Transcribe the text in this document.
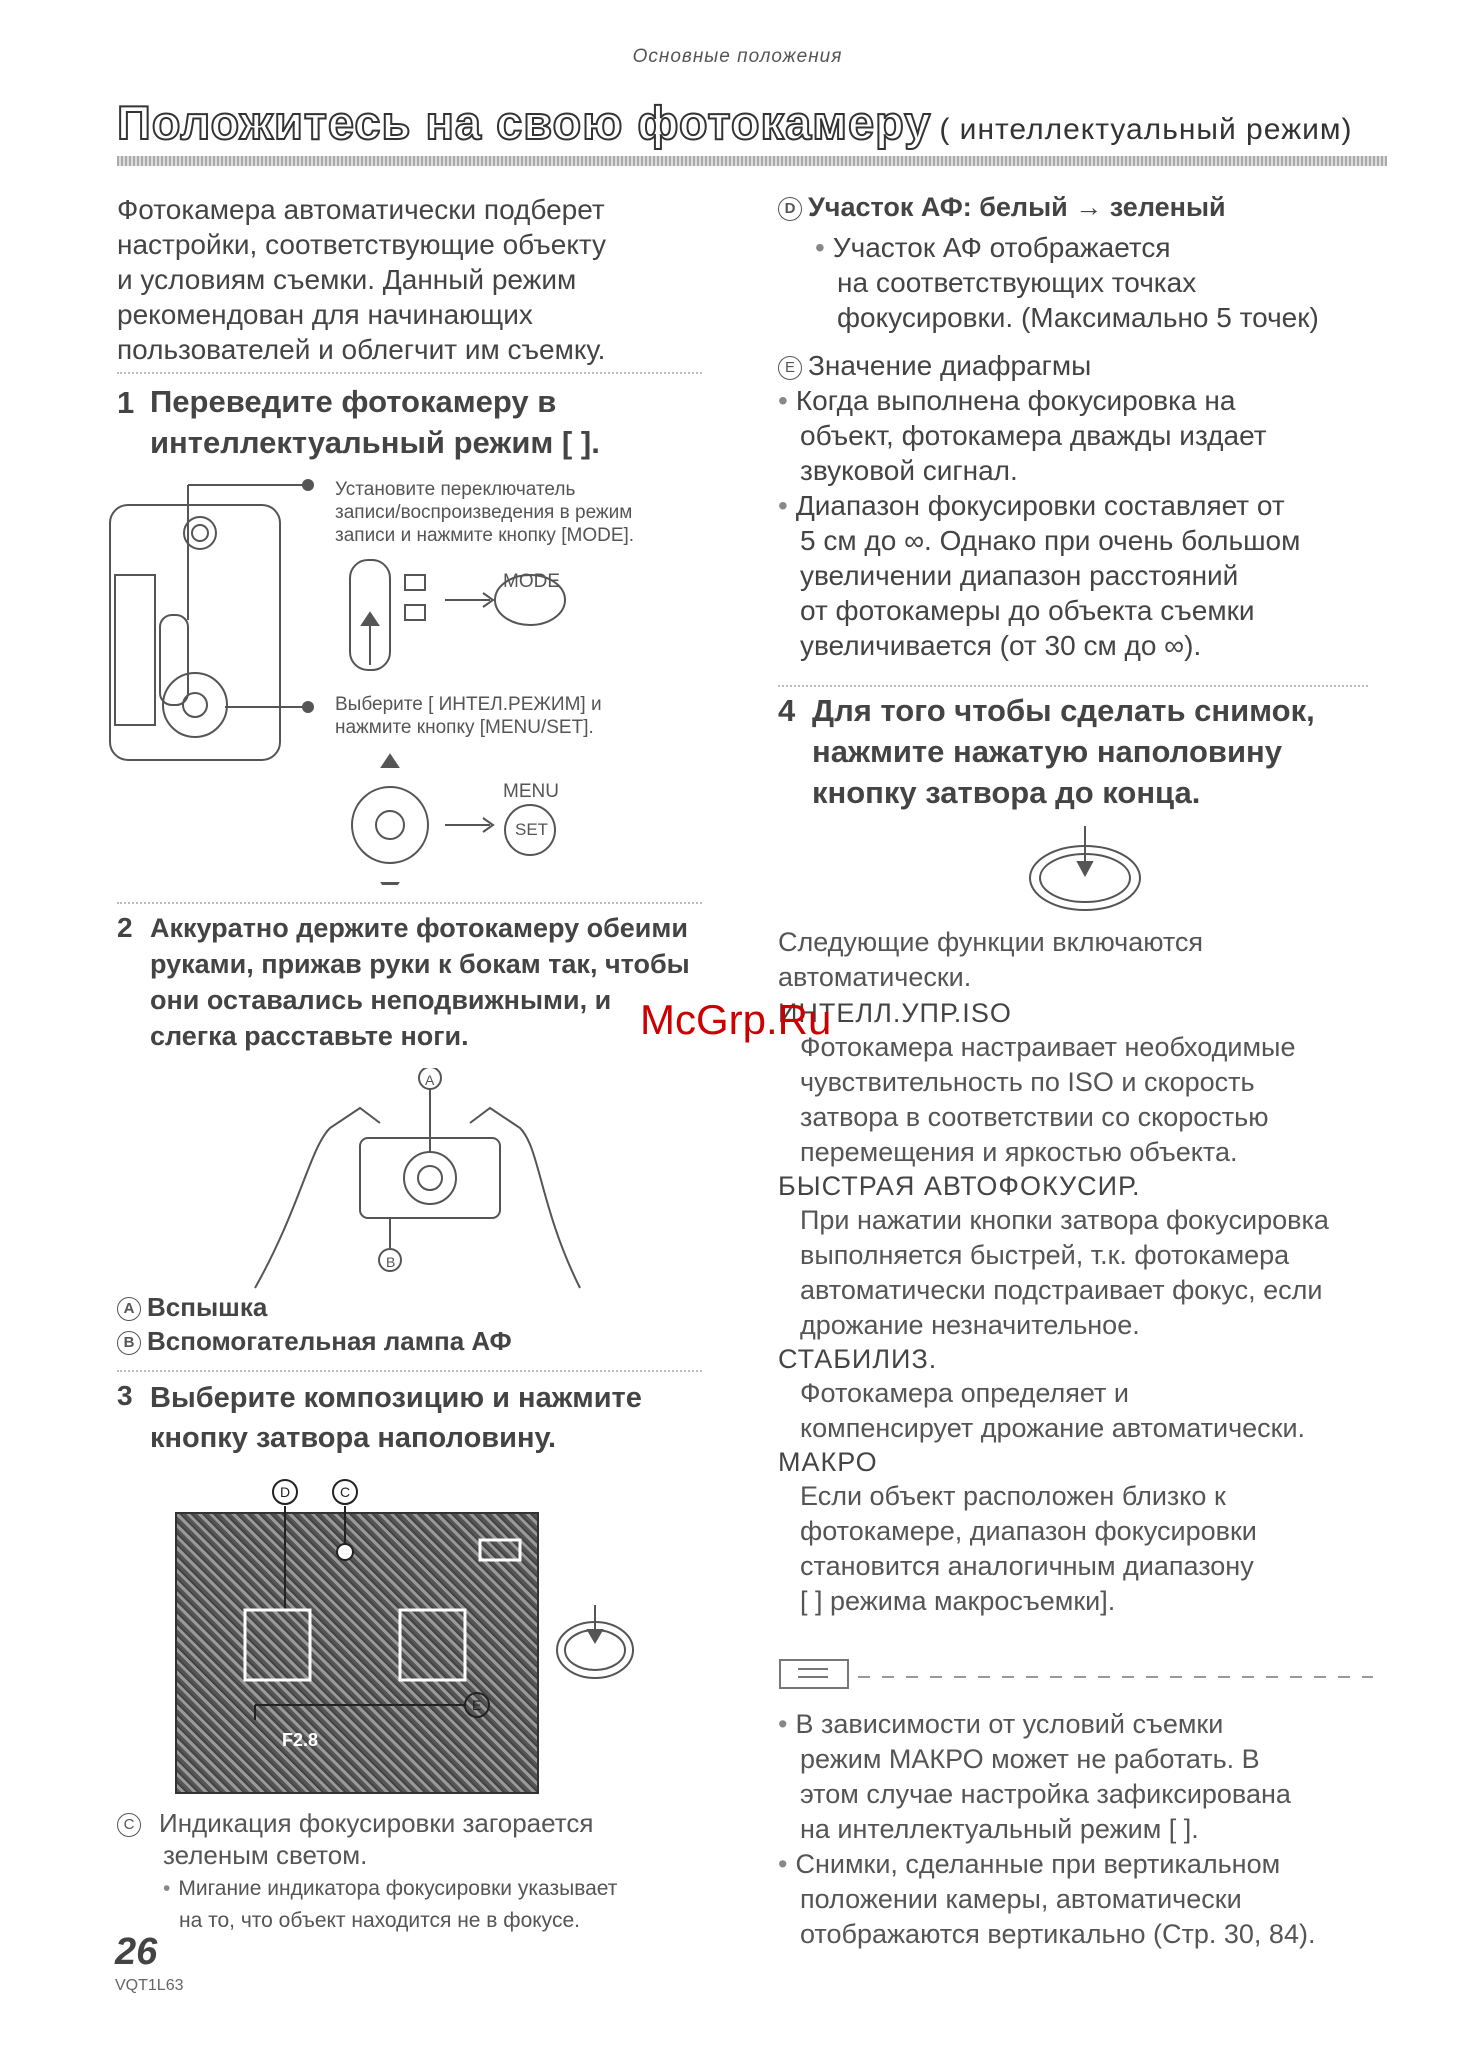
Основные положения
Положитесь на свою фотокамеру ( интеллектуальный режим)
Фотокамера автоматически подберет
настройки, соответствующие объекту
и условиям съемки. Данный режим
рекомендован для начинающих
пользователей и облегчит им съемку.
1 Переведите фотокамеру в
интеллектуальный режим [ ].
Установите переключатель
записи/воспроизведения в режим
записи и нажмите кнопку [MODE].
MODE
Выберите [ ИНТЕЛ.РЕЖИМ] и
нажмите кнопку [MENU/SET].
MENU
SET
2 Аккуратно держите фотокамеру обеими
руками, прижав руки к бокам так, чтобы
они оставались неподвижными, и
слегка расставьте ноги.
A
B
A Вспышка
B Вспомогательная лампа АФ
3 Выберите композицию и нажмите
кнопку затвора наполовину.
D	C
E
F2.8
C Индикация фокусировки загорается
зеленым светом.
• Мигание индикатора фокусировки указывает
на то, что объект находится не в фокусе.
D Участок АФ: белый → зеленый
• Участок АФ отображается
на соответствующих точках
фокусировки. (Максимально 5 точек)
E Значение диафрагмы
• Когда выполнена фокусировка на
объект, фотокамера дважды издает
звуковой сигнал.
• Диапазон фокусировки составляет от
5 см до ∞. Однако при очень большом
увеличении диапазон расстояний
от фотокамеры до объекта съемки
увеличивается (от 30 см до ∞).
4 Для того чтобы сделать снимок,
нажмите нажатую наполовину
кнопку затвора до конца.
Следующие функции включаются
автоматически.
ИНТЕЛЛ.УПР.ISO
Фотокамера настраивает необходимые
чувствительность по ISO и скорость
затвора в соответствии со скоростью
перемещения и яркостью объекта.
БЫСТРАЯ АВТОФОКУСИР.
При нажатии кнопки затвора фокусировка
выполняется быстрей, т.к. фотокамера
автоматически подстраивает фокус, если
дрожание незначительное.
СТАБИЛИЗ.
Фотокамера определяет и
компенсирует дрожание автоматически.
МАКРО
Если объект расположен близко к
фотокамере, диапазон фокусировки
становится аналогичным диапазону
[ ] режима макросъемки].
• В зависимости от условий съемки
режим МАКРО может не работать. В
этом случае настройка зафиксирована
на интеллектуальный режим [ ].
• Снимки, сделанные при вертикальном
положении камеры, автоматически
отображаются вертикально (Стр. 30, 84).
McGrp.Ru
26
VQT1L63
